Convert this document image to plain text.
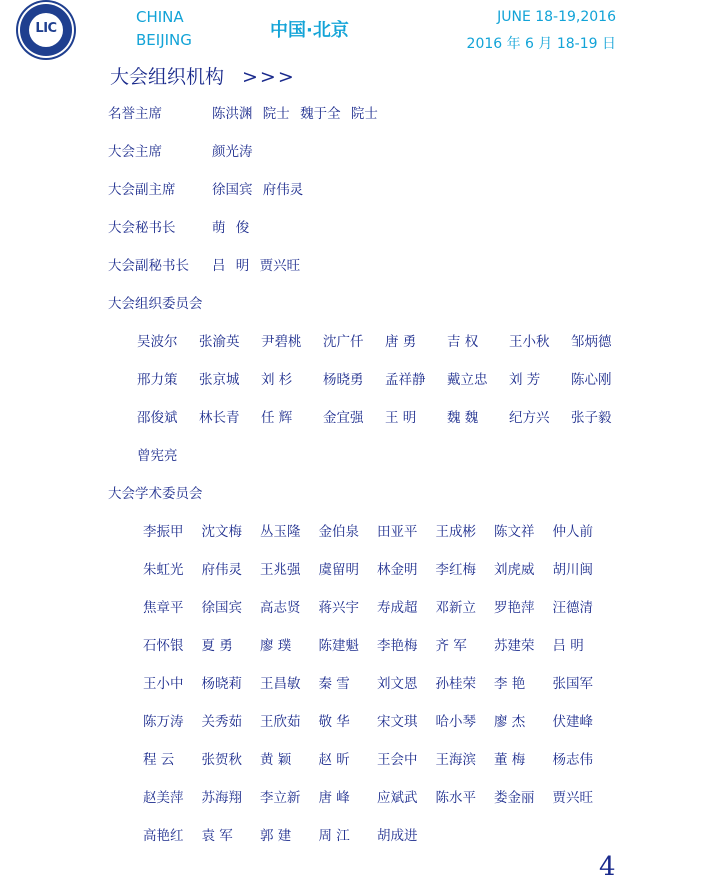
LIC
CHINA
BEIJING	中国·北京
JUNE 18-19,2016
2016 年 6 月 18-19 日
大会组织机构 >>>
名誉主席	陈洪渊 院士 魏于全 院士
大会主席	颜光涛
大会副主席	徐国宾 府伟灵
大会秘书长	萌 俊
大会副秘书长 吕 明 贾兴旺
大会组织委员会
吴波尔	张渝英	尹碧桃	沈广仟	唐 勇	吉 权	王小秋	邹炳德
邢力策	张京城	刘 杉	杨晓勇	孟祥静	戴立忠	刘 芳	陈心刚
邵俊斌	林长青	任 辉	金宜强	王 明	魏 魏	纪方兴	张子毅
曾宪亮
大会学术委员会
李振甲	沈文梅	丛玉隆	金伯泉	田亚平	王成彬	陈文祥	仲人前
朱虹光	府伟灵	王兆强	虞留明	林金明	李红梅	刘虎威	胡川闽
焦章平	徐国宾	高志贤	蒋兴宇	寿成超	邓新立	罗艳萍	汪德清
石怀银	夏 勇	廖 璞	陈建魁	李艳梅	齐 军	苏建荣	吕 明
王小中	杨晓莉	王昌敏	秦 雪	刘文恩	孙桂荣	李 艳	张国军
陈万涛	关秀茹	王欣茹	敬 华	宋文琪	哈小琴	廖 杰	伏建峰
程 云	张贺秋	黄 颖	赵 昕	王会中	王海滨	董 梅	杨志伟
赵美萍	苏海翔	李立新	唐 峰	应斌武	陈水平	娄金丽	贾兴旺
高艳红	袁 军	郭 建	周 江	胡成进
4
